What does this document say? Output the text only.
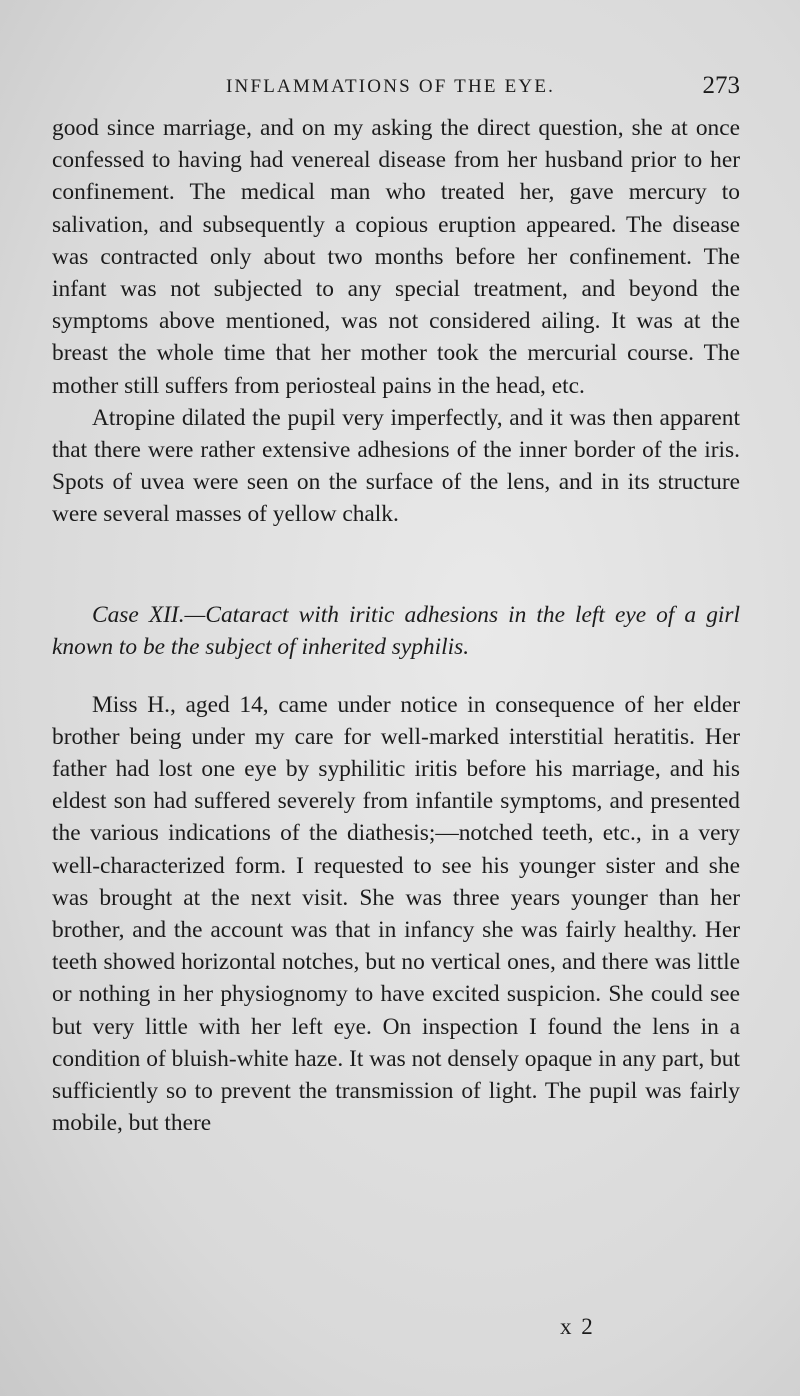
INFLAMMATIONS OF THE EYE.	273

good since marriage, and on my asking the direct question, she at once confessed to having had venereal disease from her husband prior to her confinement. The medical man who treated her, gave mercury to salivation, and subsequently a copious eruption appeared. The disease was contracted only about two months before her confinement. The infant was not subjected to any special treatment, and beyond the symptoms above mentioned, was not considered ailing. It was at the breast the whole time that her mother took the mercurial course. The mother still suffers from periosteal pains in the head, etc.

Atropine dilated the pupil very imperfectly, and it was then apparent that there were rather extensive adhesions of the inner border of the iris. Spots of uvea were seen on the surface of the lens, and in its structure were several masses of yellow chalk.

Case XII.—Cataract with iritic adhesions in the left eye of a girl known to be the subject of inherited syphilis.

Miss H., aged 14, came under notice in consequence of her elder brother being under my care for well-marked interstitial heratitis. Her father had lost one eye by syphilitic iritis before his marriage, and his eldest son had suffered severely from infantile symptoms, and presented the various indications of the diathesis;—notched teeth, etc., in a very well-characterized form. I requested to see his younger sister and she was brought at the next visit. She was three years younger than her brother, and the account was that in infancy she was fairly healthy. Her teeth showed horizontal notches, but no vertical ones, and there was little or nothing in her physiognomy to have excited suspicion. She could see but very little with her left eye. On inspection I found the lens in a condition of bluish-white haze. It was not densely opaque in any part, but sufficiently so to prevent the transmission of light. The pupil was fairly mobile, but there

x 2
